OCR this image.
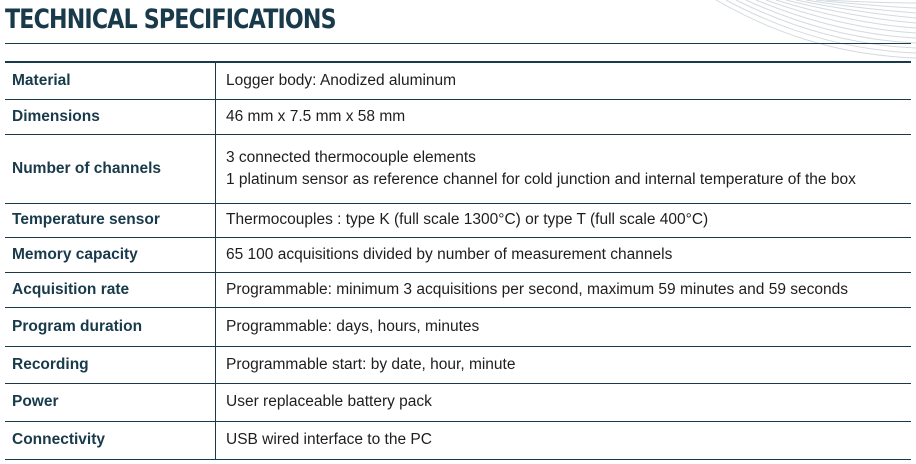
TECHNICAL SPECIFICATIONS
Material	Logger body: Anodized aluminum

Dimensions	46 mm x 7.5 mm x 58 mm

Number of channels	3 connected thermocouple elements
1 platinum sensor as reference channel for cold junction and internal temperature of the box

Temperature sensor	Thermocouples : type K (full scale 1300°C) or type T (full scale 400°C)

Memory capacity	65 100 acquisitions divided by number of measurement channels

Acquisition rate	Programmable: minimum 3 acquisitions per second, maximum 59 minutes and 59 seconds

Program duration	Programmable: days, hours, minutes

Recording	Programmable start: by date, hour, minute

Power	User replaceable battery pack

Connectivity	USB wired interface to the PC
